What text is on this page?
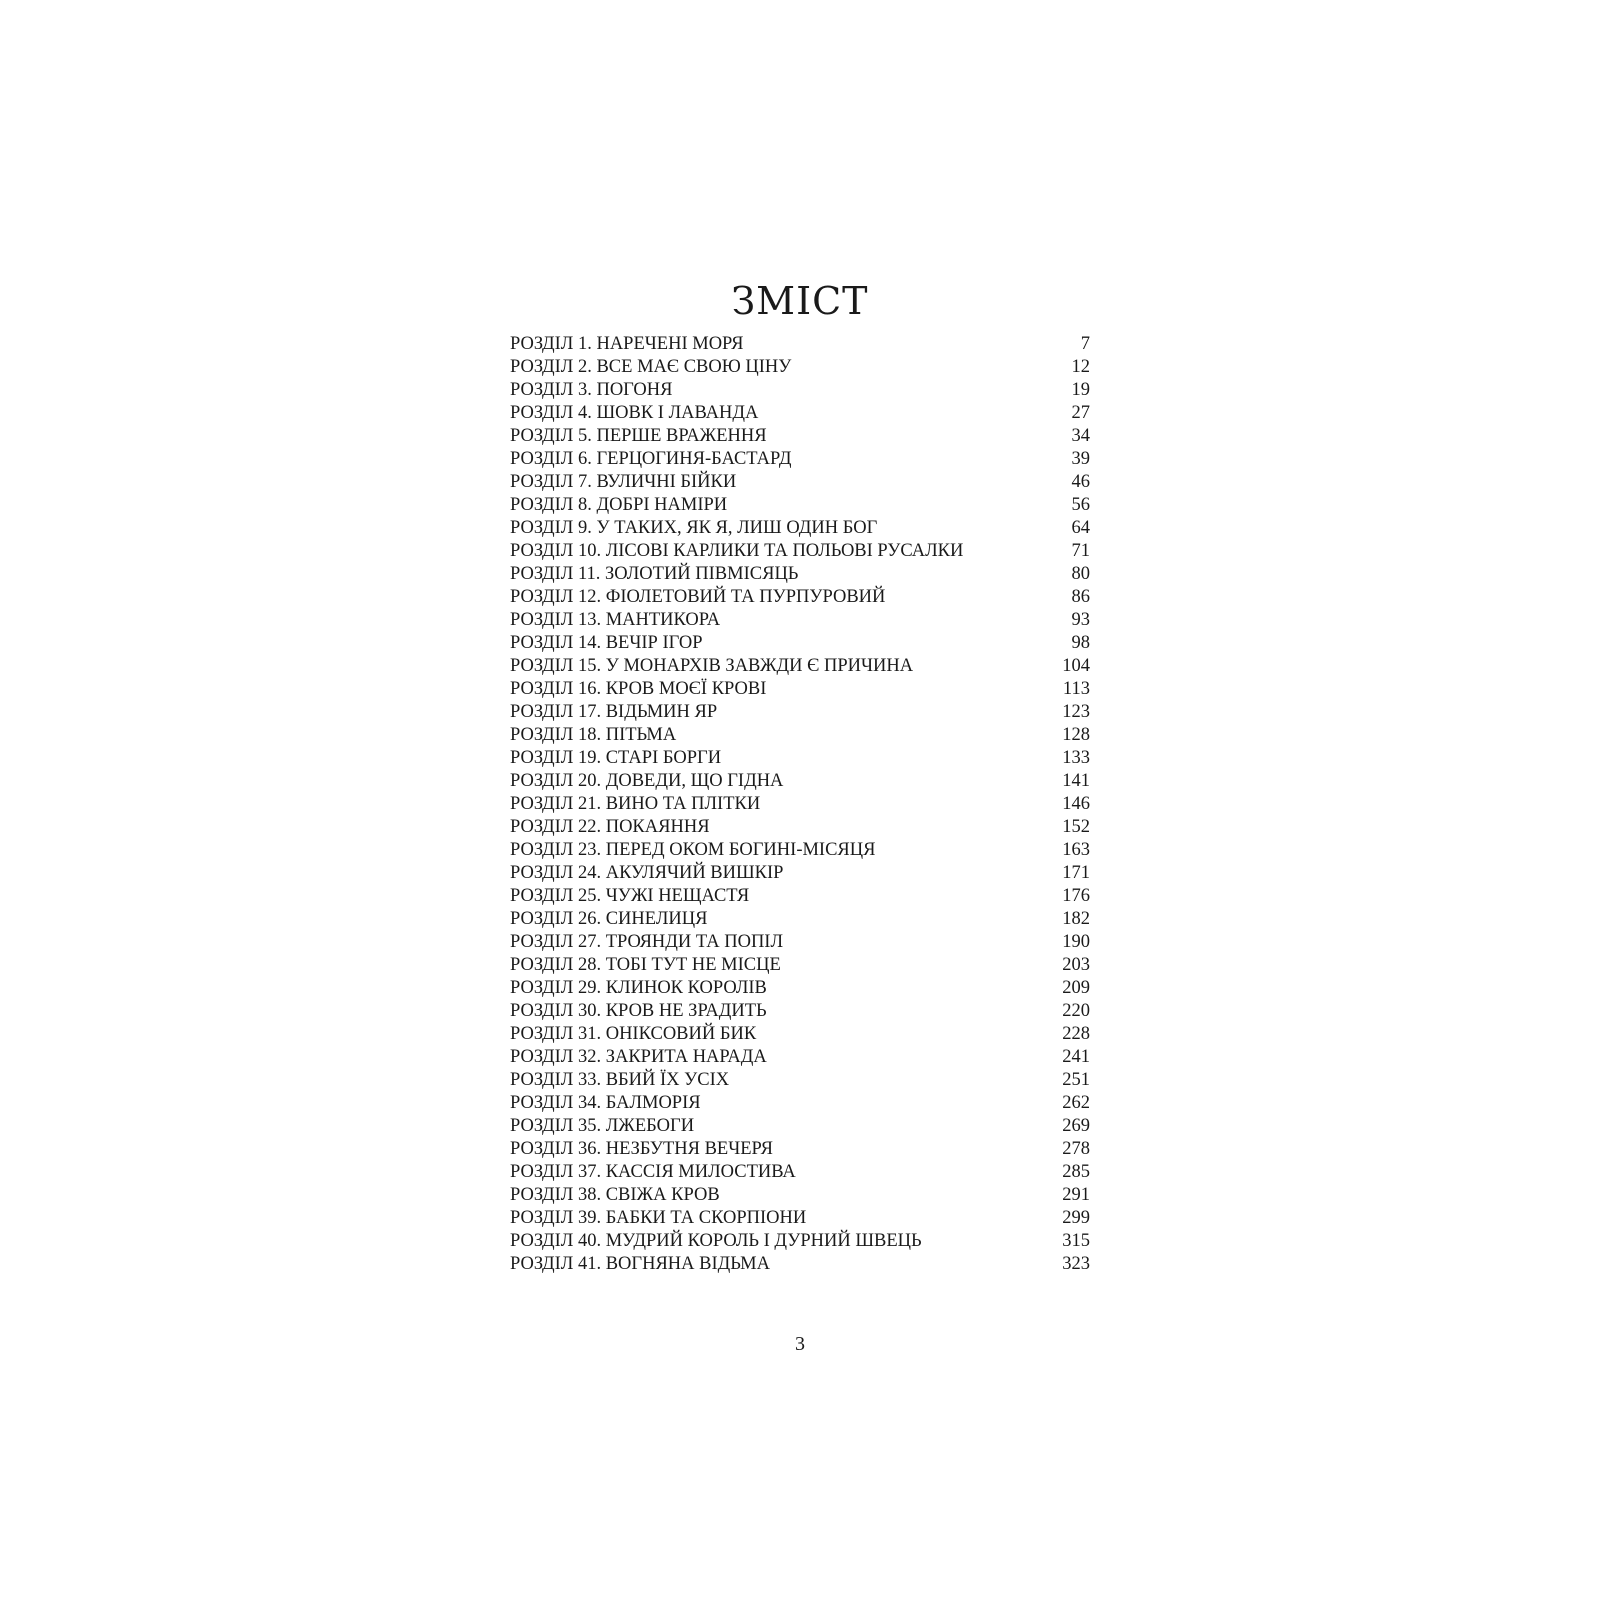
ЗМІСТ
РОЗДІЛ 1. НАРЕЧЕНІ МОРЯ	7
РОЗДІЛ 2. ВСЕ МАЄ СВОЮ ЦІНУ	12
РОЗДІЛ 3. ПОГОНЯ	19
РОЗДІЛ 4. ШОВК І ЛАВАНДА	27
РОЗДІЛ 5. ПЕРШЕ ВРАЖЕННЯ	34
РОЗДІЛ 6. ГЕРЦОГИНЯ-БАСТАРД	39
РОЗДІЛ 7. ВУЛИЧНІ БІЙКИ	46
РОЗДІЛ 8. ДОБРІ НАМІРИ	56
РОЗДІЛ 9. У ТАКИХ, ЯК Я, ЛИШ ОДИН БОГ	64
РОЗДІЛ 10. ЛІСОВІ КАРЛИКИ ТА ПОЛЬОВІ РУСАЛКИ	71
РОЗДІЛ 11. ЗОЛОТИЙ ПІВМІСЯЦЬ	80
РОЗДІЛ 12. ФІОЛЕТОВИЙ ТА ПУРПУРОВИЙ	86
РОЗДІЛ 13. МАНТИКОРА	93
РОЗДІЛ 14. ВЕЧІР ІГОР	98
РОЗДІЛ 15. У МОНАРХІВ ЗАВЖДИ Є ПРИЧИНА	104
РОЗДІЛ 16. КРОВ МОЄЇ КРОВІ	113
РОЗДІЛ 17. ВІДЬМИН ЯР	123
РОЗДІЛ 18. ПІТЬМА	128
РОЗДІЛ 19. СТАРІ БОРГИ	133
РОЗДІЛ 20. ДОВЕДИ, ЩО ГІДНА	141
РОЗДІЛ 21. ВИНО ТА ПЛІТКИ	146
РОЗДІЛ 22. ПОКАЯННЯ	152
РОЗДІЛ 23. ПЕРЕД ОКОМ БОГИНІ-МІСЯЦЯ	163
РОЗДІЛ 24. АКУЛЯЧИЙ ВИШКІР	171
РОЗДІЛ 25. ЧУЖІ НЕЩАСТЯ	176
РОЗДІЛ 26. СИНЕЛИЦЯ	182
РОЗДІЛ 27. ТРОЯНДИ ТА ПОПІЛ	190
РОЗДІЛ 28. ТОБІ ТУТ НЕ МІСЦЕ	203
РОЗДІЛ 29. КЛИНОК КОРОЛІВ	209
РОЗДІЛ 30. КРОВ НЕ ЗРАДИТЬ	220
РОЗДІЛ 31. ОНІКСОВИЙ БИК	228
РОЗДІЛ 32. ЗАКРИТА НАРАДА	241
РОЗДІЛ 33. ВБИЙ ЇХ УСІХ	251
РОЗДІЛ 34. БАЛМОРІЯ	262
РОЗДІЛ 35. ЛЖЕБОГИ	269
РОЗДІЛ 36. НЕЗБУТНЯ ВЕЧЕРЯ	278
РОЗДІЛ 37. КАССІЯ МИЛОСТИВА	285
РОЗДІЛ 38. СВІЖА КРОВ	291
РОЗДІЛ 39. БАБКИ ТА СКОРПІОНИ	299
РОЗДІЛ 40. МУДРИЙ КОРОЛЬ І ДУРНИЙ ШВЕЦЬ	315
РОЗДІЛ 41. ВОГНЯНА ВІДЬМА	323
3
